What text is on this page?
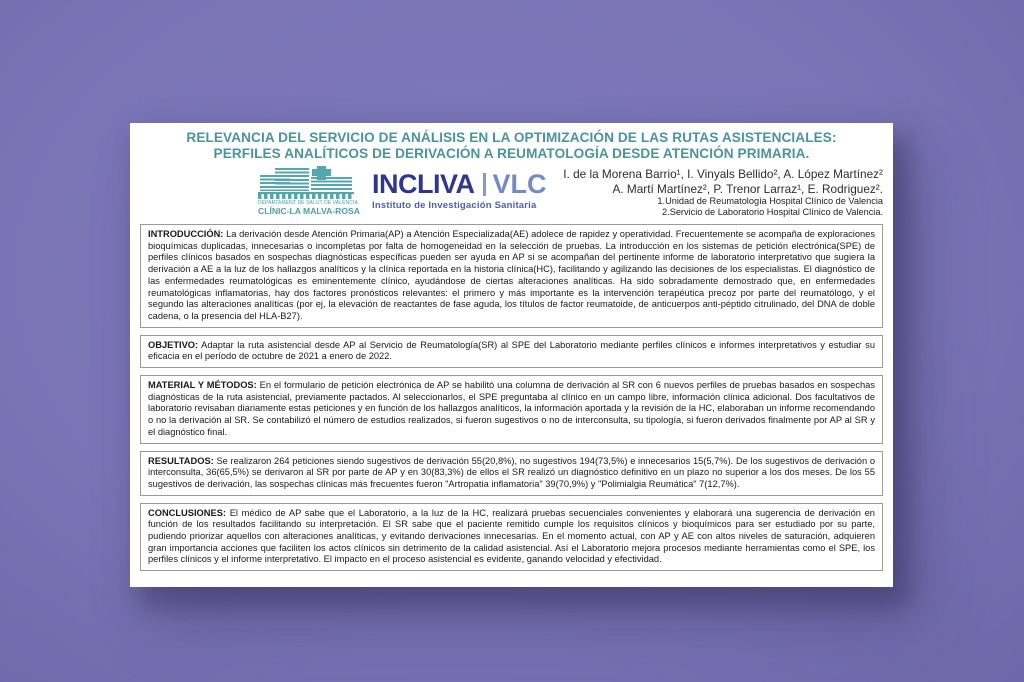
RELEVANCIA DEL SERVICIO DE ANÁLISIS EN LA OPTIMIZACIÓN DE LAS RUTAS ASISTENCIALES:
PERFILES ANALÍTICOS DE DERIVACIÓN A REUMATOLOGÍA DESDE ATENCIÓN PRIMARIA.
DEPARTAMENT DE SALUT DE VALÈNCIA
CLÍNIC-LA MALVA-ROSA
INCLIVA VLC
Instituto de Investigación Sanitaria
I. de la Morena Barrio¹, I. Vinyals Bellido², A. López Martínez²
A. Martí Martínez², P. Trenor Larraz¹, E. Rodriguez².
1.Unidad de Reumatología Hospital Clínico de Valencia
2.Servicio de Laboratorio Hospital Clínico de Valencia.

INTRODUCCIÓN: La derivación desde Atención Primaria(AP) a Atención Especializada(AE) adolece de rapidez y operatividad. Frecuentemente se acompaña de exploraciones bioquímicas duplicadas, innecesarias o incompletas por falta de homogeneidad en la selección de pruebas. La introducción en los sistemas de petición electrónica(SPE) de perfiles clínicos basados en sospechas diagnósticas específicas pueden ser ayuda en AP si se acompañan del pertinente informe de laboratorio interpretativo que sugiera la derivación a AE a la luz de los hallazgos analíticos y la clínica reportada en la historia clínica(HC), facilitando y agilizando las decisiones de los especialistas. El diagnóstico de las enfermedades reumatológicas es eminentemente clínico, ayudándose de ciertas alteraciones analíticas. Ha sido sobradamente demostrado que, en enfermedades reumatológicas inflamatorias, hay dos factores pronósticos relevantes: el primero y más importante es la intervención terapéutica precoz por parte del reumatólogo, y el segundo las alteraciones analíticas (por ej, la elevación de reactantes de fase aguda, los títulos de factor reumatoide, de anticuerpos anti-péptido citrulinado, del DNA de doble cadena, o la presencia del HLA-B27).

OBJETIVO: Adaptar la ruta asistencial desde AP al Servicio de Reumatología(SR) al SPE del Laboratorio mediante perfiles clínicos e informes interpretativos y estudiar su eficacia en el período de octubre de 2021 a enero de 2022.

MATERIAL Y MÉTODOS: En el formulario de petición electrónica de AP se habilitó una columna de derivación al SR con 6 nuevos perfiles de pruebas basados en sospechas diagnósticas de la ruta asistencial, previamente pactados. Al seleccionarlos, el SPE preguntaba al clínico en un campo libre, información clínica adicional. Dos facultativos de laboratorio revisaban diariamente estas peticiones y en función de los hallazgos analíticos, la información aportada y la revisión de la HC, elaboraban un informe recomendando o no la derivación al SR. Se contabilizó el número de estudios realizados, si fueron sugestivos o no de interconsulta, su tipología, si fueron derivados finalmente por AP al SR y el diagnóstico final.

RESULTADOS: Se realizaron 264 peticiones siendo sugestivos de derivación 55(20,8%), no sugestivos 194(73,5%) e innecesarios 15(5,7%). De los sugestivos de derivación o interconsulta, 36(65,5%) se derivaron al SR por parte de AP y en 30(83,3%) de ellos el SR realizó un diagnóstico definitivo en un plazo no superior a los dos meses. De los 55 sugestivos de derivación, las sospechas clínicas más frecuentes fueron "Artropatia inflamatoria" 39(70,9%) y "Polimialgia Reumática" 7(12,7%).

CONCLUSIONES: El médico de AP sabe que el Laboratorio, a la luz de la HC, realizará pruebas secuenciales convenientes y elaborará una sugerencia de derivación en función de los resultados facilitando su interpretación. El SR sabe que el paciente remitido cumple los requisitos clínicos y bioquímicos para ser estudiado por su parte, pudiendo priorizar aquellos con alteraciones analíticas, y evitando derivaciones innecesarias. En el momento actual, con AP y AE con altos niveles de saturación, adquieren gran importancia acciones que faciliten los actos clínicos sin detrimento de la calidad asistencial. Así el Laboratorio mejora procesos mediante herramientas como el SPE, los perfiles clínicos y el informe interpretativo. El impacto en el proceso asistencial es evidente, ganando velocidad y efectividad.
